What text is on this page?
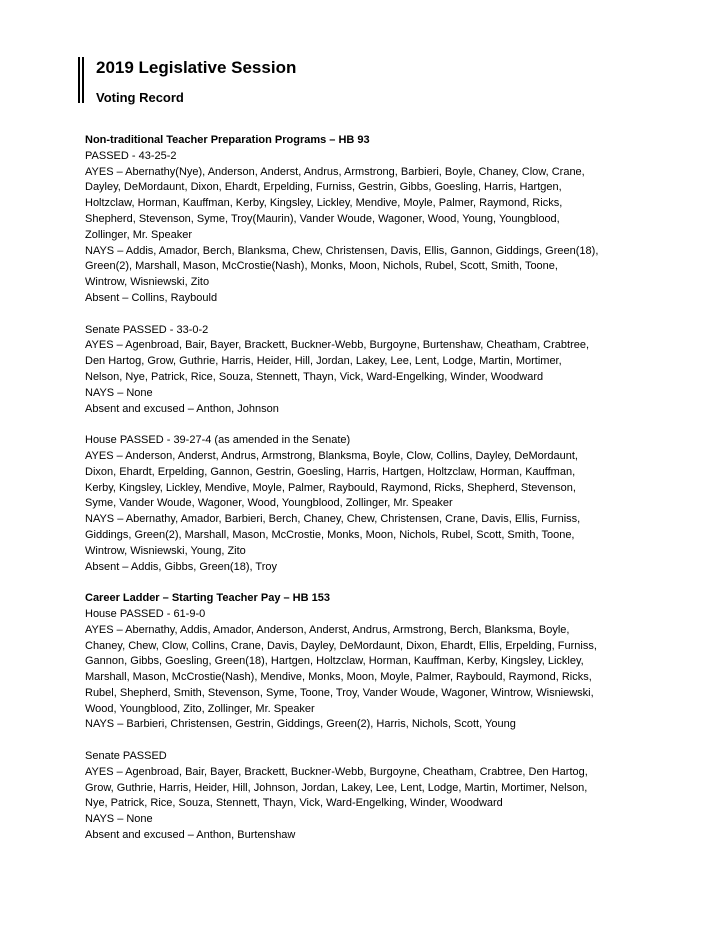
2019 Legislative Session
Voting Record
Non-traditional Teacher Preparation Programs – HB 93
PASSED - 43-25-2
AYES – Abernathy(Nye), Anderson, Anderst, Andrus, Armstrong, Barbieri, Boyle, Chaney, Clow, Crane,
Dayley, DeMordaunt, Dixon, Ehardt, Erpelding, Furniss, Gestrin, Gibbs, Goesling, Harris, Hartgen,
Holtzclaw, Horman, Kauffman, Kerby, Kingsley, Lickley, Mendive, Moyle, Palmer, Raymond, Ricks,
Shepherd, Stevenson, Syme, Troy(Maurin), Vander Woude, Wagoner, Wood, Young, Youngblood,
Zollinger, Mr. Speaker
NAYS – Addis, Amador, Berch, Blanksma, Chew, Christensen, Davis, Ellis, Gannon, Giddings, Green(18),
Green(2), Marshall, Mason, McCrostie(Nash), Monks, Moon, Nichols, Rubel, Scott, Smith, Toone,
Wintrow, Wisniewski, Zito
Absent – Collins, Raybould
Senate PASSED - 33-0-2
AYES – Agenbroad, Bair, Bayer, Brackett, Buckner-Webb, Burgoyne, Burtenshaw, Cheatham, Crabtree,
Den Hartog, Grow, Guthrie, Harris, Heider, Hill, Jordan, Lakey, Lee, Lent, Lodge, Martin, Mortimer,
Nelson, Nye, Patrick, Rice, Souza, Stennett, Thayn, Vick, Ward-Engelking, Winder, Woodward
NAYS – None
Absent and excused – Anthon, Johnson
House PASSED - 39-27-4 (as amended in the Senate)
AYES – Anderson, Anderst, Andrus, Armstrong, Blanksma, Boyle, Clow, Collins, Dayley, DeMordaunt,
Dixon, Ehardt, Erpelding, Gannon, Gestrin, Goesling, Harris, Hartgen, Holtzclaw, Horman, Kauffman,
Kerby, Kingsley, Lickley, Mendive, Moyle, Palmer, Raybould, Raymond, Ricks, Shepherd, Stevenson,
Syme, Vander Woude, Wagoner, Wood, Youngblood, Zollinger, Mr. Speaker
NAYS – Abernathy, Amador, Barbieri, Berch, Chaney, Chew, Christensen, Crane, Davis, Ellis, Furniss,
Giddings, Green(2), Marshall, Mason, McCrostie, Monks, Moon, Nichols, Rubel, Scott, Smith, Toone,
Wintrow, Wisniewski, Young, Zito
Absent – Addis, Gibbs, Green(18), Troy
Career Ladder – Starting Teacher Pay – HB 153
House PASSED - 61-9-0
AYES – Abernathy, Addis, Amador, Anderson, Anderst, Andrus, Armstrong, Berch, Blanksma, Boyle,
Chaney, Chew, Clow, Collins, Crane, Davis, Dayley, DeMordaunt, Dixon, Ehardt, Ellis, Erpelding, Furniss,
Gannon, Gibbs, Goesling, Green(18), Hartgen, Holtzclaw, Horman, Kauffman, Kerby, Kingsley, Lickley,
Marshall, Mason, McCrostie(Nash), Mendive, Monks, Moon, Moyle, Palmer, Raybould, Raymond, Ricks,
Rubel, Shepherd, Smith, Stevenson, Syme, Toone, Troy, Vander Woude, Wagoner, Wintrow, Wisniewski,
Wood, Youngblood, Zito, Zollinger, Mr. Speaker
NAYS – Barbieri, Christensen, Gestrin, Giddings, Green(2), Harris, Nichols, Scott, Young
Senate PASSED
AYES – Agenbroad, Bair, Bayer, Brackett, Buckner-Webb, Burgoyne, Cheatham, Crabtree, Den Hartog,
Grow, Guthrie, Harris, Heider, Hill, Johnson, Jordan, Lakey, Lee, Lent, Lodge, Martin, Mortimer, Nelson,
Nye, Patrick, Rice, Souza, Stennett, Thayn, Vick, Ward-Engelking, Winder, Woodward
NAYS – None
Absent and excused – Anthon, Burtenshaw
